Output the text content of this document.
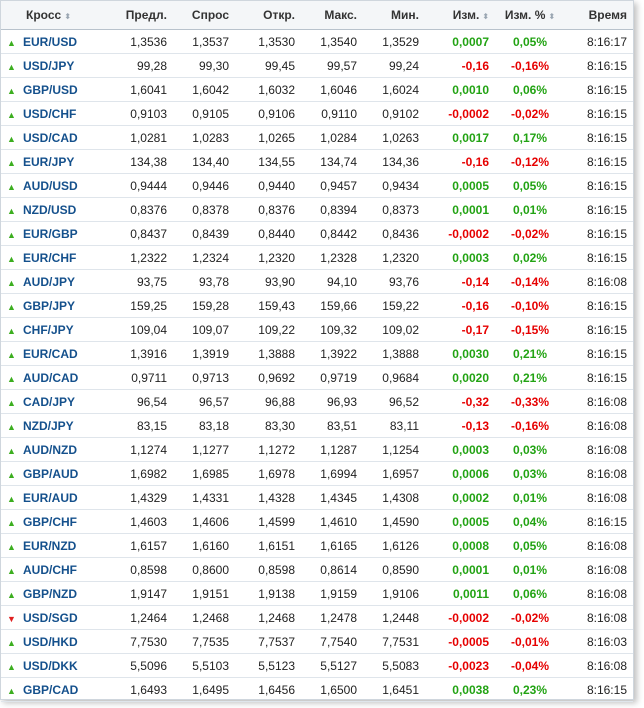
Кросс ⬍	Предл.	Спрос	Откр.	Макс.	Мин.	Изм. ⬍	Изм. % ⬍	Время
▲ EUR/USD	1,3536	1,3537	1,3530	1,3540	1,3529	0,0007	0,05%	8:16:17
▲ USD/JPY	99,28	99,30	99,45	99,57	99,24	-0,16	-0,16%	8:16:15
▲ GBP/USD	1,6041	1,6042	1,6032	1,6046	1,6024	0,0010	0,06%	8:16:15
▲ USD/CHF	0,9103	0,9105	0,9106	0,9110	0,9102	-0,0002	-0,02%	8:16:15
▲ USD/CAD	1,0281	1,0283	1,0265	1,0284	1,0263	0,0017	0,17%	8:16:15
▲ EUR/JPY	134,38	134,40	134,55	134,74	134,36	-0,16	-0,12%	8:16:15
▲ AUD/USD	0,9444	0,9446	0,9440	0,9457	0,9434	0,0005	0,05%	8:16:15
▲ NZD/USD	0,8376	0,8378	0,8376	0,8394	0,8373	0,0001	0,01%	8:16:15
▲ EUR/GBP	0,8437	0,8439	0,8440	0,8442	0,8436	-0,0002	-0,02%	8:16:15
▲ EUR/CHF	1,2322	1,2324	1,2320	1,2328	1,2320	0,0003	0,02%	8:16:15
▲ AUD/JPY	93,75	93,78	93,90	94,10	93,76	-0,14	-0,14%	8:16:08
▲ GBP/JPY	159,25	159,28	159,43	159,66	159,22	-0,16	-0,10%	8:16:15
▲ CHF/JPY	109,04	109,07	109,22	109,32	109,02	-0,17	-0,15%	8:16:15
▲ EUR/CAD	1,3916	1,3919	1,3888	1,3922	1,3888	0,0030	0,21%	8:16:15
▲ AUD/CAD	0,9711	0,9713	0,9692	0,9719	0,9684	0,0020	0,21%	8:16:15
▲ CAD/JPY	96,54	96,57	96,88	96,93	96,52	-0,32	-0,33%	8:16:08
▲ NZD/JPY	83,15	83,18	83,30	83,51	83,11	-0,13	-0,16%	8:16:08
▲ AUD/NZD	1,1274	1,1277	1,1272	1,1287	1,1254	0,0003	0,03%	8:16:08
▲ GBP/AUD	1,6982	1,6985	1,6978	1,6994	1,6957	0,0006	0,03%	8:16:08
▲ EUR/AUD	1,4329	1,4331	1,4328	1,4345	1,4308	0,0002	0,01%	8:16:08
▲ GBP/CHF	1,4603	1,4606	1,4599	1,4610	1,4590	0,0005	0,04%	8:16:15
▲ EUR/NZD	1,6157	1,6160	1,6151	1,6165	1,6126	0,0008	0,05%	8:16:08
▲ AUD/CHF	0,8598	0,8600	0,8598	0,8614	0,8590	0,0001	0,01%	8:16:08
▲ GBP/NZD	1,9147	1,9151	1,9138	1,9159	1,9106	0,0011	0,06%	8:16:08
▼ USD/SGD	1,2464	1,2468	1,2468	1,2478	1,2448	-0,0002	-0,02%	8:16:08
▲ USD/HKD	7,7530	7,7535	7,7537	7,7540	7,7531	-0,0005	-0,01%	8:16:03
▲ USD/DKK	5,5096	5,5103	5,5123	5,5127	5,5083	-0,0023	-0,04%	8:16:08
▲ GBP/CAD	1,6493	1,6495	1,6456	1,6500	1,6451	0,0038	0,23%	8:16:15
